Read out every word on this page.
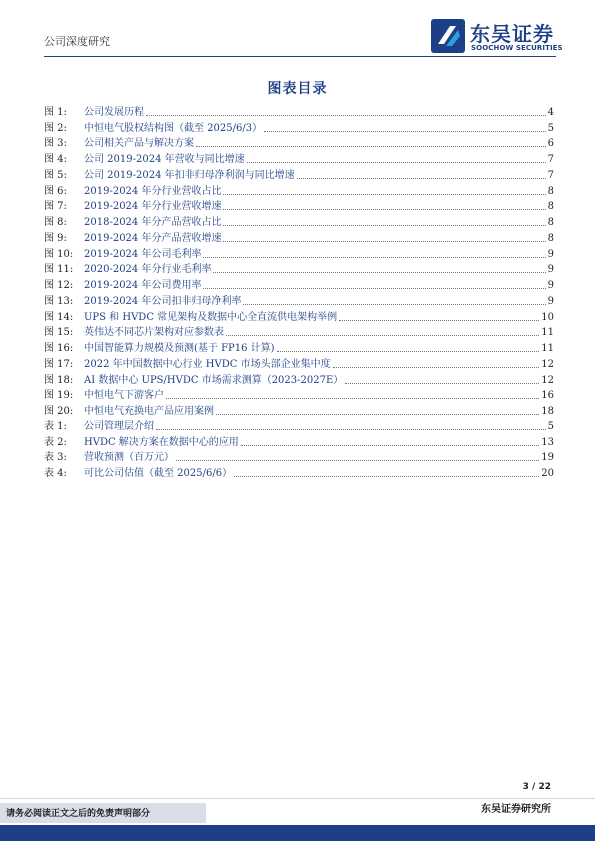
公司深度研究	东吴证券
SOOCHOW SECURITIES
图表目录
图 1:	公司发展历程	4
图 2:	中恒电气股权结构图（截至 2025/6/3）	5
图 3:	公司相关产品与解决方案	6
图 4:	公司 2019-2024 年营收与同比增速	7
图 5:	公司 2019-2024 年扣非归母净利润与同比增速	7
图 6:	2019-2024 年分行业营收占比	8
图 7:	2019-2024 年分行业营收增速	8
图 8:	2018-2024 年分产品营收占比	8
图 9:	2019-2024 年分产品营收增速	8
图 10:	2019-2024 年公司毛利率	9
图 11:	2020-2024 年分行业毛利率	9
图 12:	2019-2024 年公司费用率	9
图 13:	2019-2024 年公司扣非归母净利率	9
图 14:	UPS 和 HVDC 常见架构及数据中心全直流供电架构举例	10
图 15:	英伟达不同芯片架构对应参数表	11
图 16:	中国智能算力规模及预测(基于 FP16 计算)	11
图 17:	2022 年中国数据中心行业 HVDC 市场头部企业集中度	12
图 18:	AI 数据中心 UPS/HVDC 市场需求测算（2023-2027E）	12
图 19:	中恒电气下游客户	16
图 20:	中恒电气充换电产品应用案例	18
表 1:	公司管理层介绍	5
表 2:	HVDC 解决方案在数据中心的应用	13
表 3:	营收预测（百万元）	19
表 4:	可比公司估值（截至 2025/6/6）	20
3 / 22
请务必阅读正文之后的免责声明部分	东吴证券研究所
